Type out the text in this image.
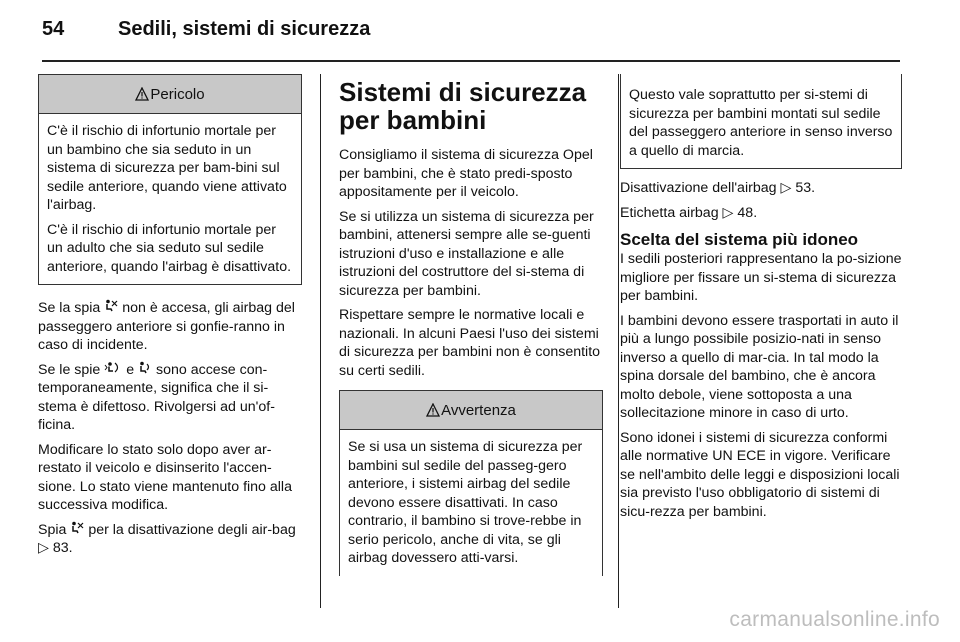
54	Sedili, sistemi di sicurezza
Pericolo

C'è il rischio di infortunio mortale per un bambino che sia seduto in un sistema di sicurezza per bam-bini sul sedile anteriore, quando viene attivato l'airbag.

C'è il rischio di infortunio mortale per un adulto che sia seduto sul sedile anteriore, quando l'airbag è disattivato.

Se la spia non è accesa, gli airbag del passeggero anteriore si gonfie-ranno in caso di incidente.

Se le spie e sono accese con-temporaneamente, significa che il si-stema è difettoso. Rivolgersi ad un'of-ficina.

Modificare lo stato solo dopo aver ar-restato il veicolo e disinserito l'accen-sione. Lo stato viene mantenuto fino alla successiva modifica.

Spia per la disattivazione degli air-bag ▷ 83.

Sistemi di sicurezza per bambini

Consigliamo il sistema di sicurezza Opel per bambini, che è stato predi-sposto appositamente per il veicolo.

Se si utilizza un sistema di sicurezza per bambini, attenersi sempre alle se-guenti istruzioni d'uso e installazione e alle istruzioni del costruttore del si-stema di sicurezza per bambini.

Rispettare sempre le normative locali e nazionali. In alcuni Paesi l'uso dei sistemi di sicurezza per bambini non è consentito su certi sedili.

Avvertenza

Se si usa un sistema di sicurezza per bambini sul sedile del passeg-gero anteriore, i sistemi airbag del sedile devono essere disattivati. In caso contrario, il bambino si trove-rebbe in serio pericolo, anche di vita, se gli airbag dovessero atti-varsi.

Questo vale soprattutto per si-stemi di sicurezza per bambini montati sul sedile del passeggero anteriore in senso inverso a quello di marcia.

Disattivazione dell'airbag ▷ 53.

Etichetta airbag ▷ 48.

Scelta del sistema più idoneo

I sedili posteriori rappresentano la po-sizione migliore per fissare un si-stema di sicurezza per bambini.

I bambini devono essere trasportati in auto il più a lungo possibile posizio-nati in senso inverso a quello di mar-cia. In tal modo la spina dorsale del bambino, che è ancora molto debole, viene sottoposta a una sollecitazione minore in caso di urto.

Sono idonei i sistemi di sicurezza conformi alle normative UN ECE in vigore. Verificare se nell'ambito delle leggi e disposizioni locali sia previsto l'uso obbligatorio di sistemi di sicu-rezza per bambini.

carmanualsonline.info
